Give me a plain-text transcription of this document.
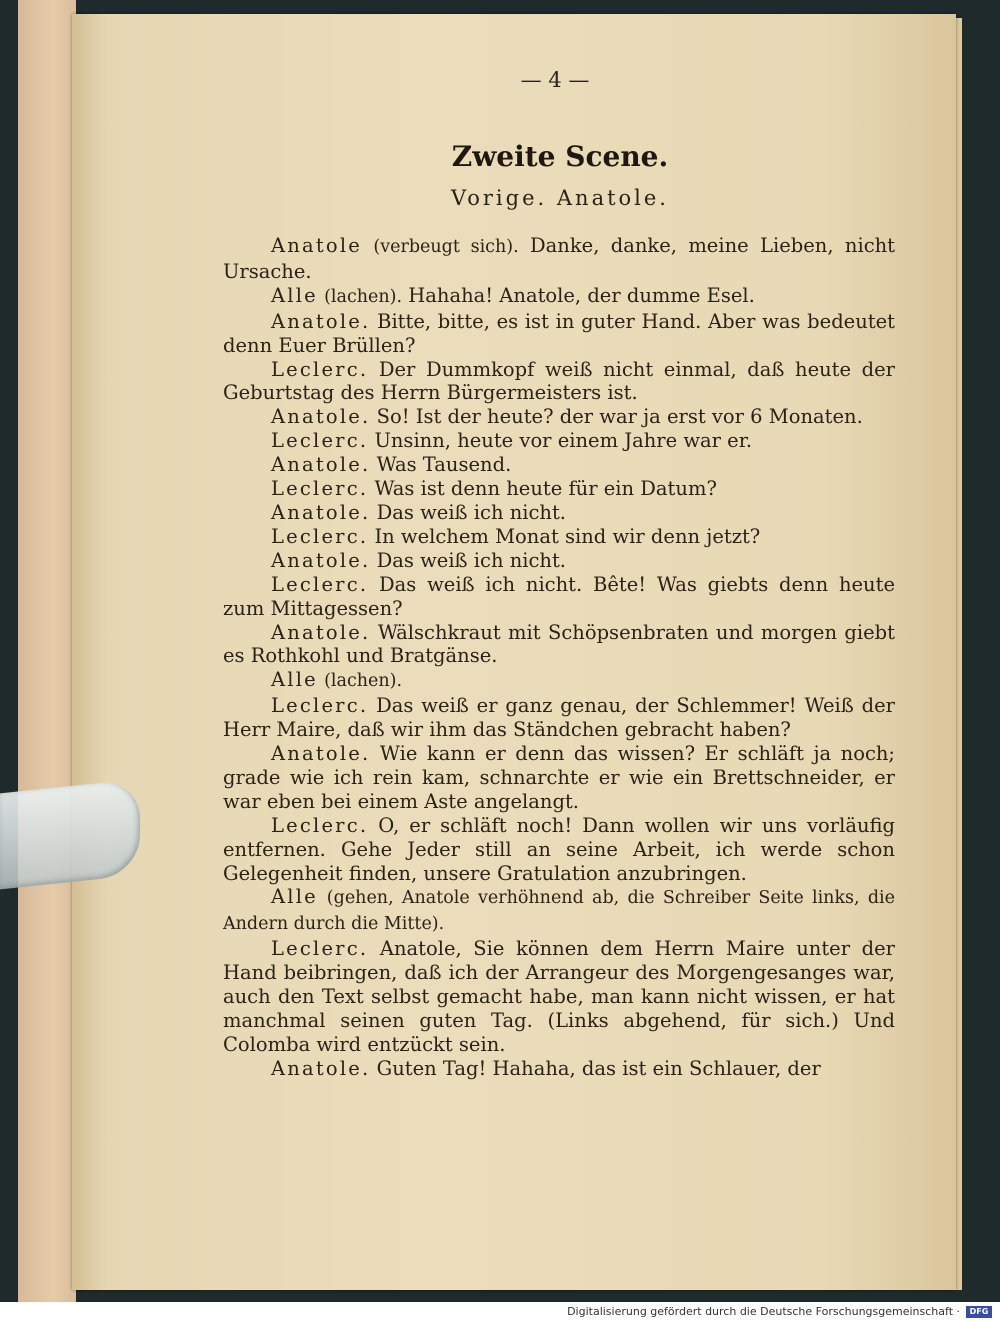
— 4 —
Zweite Scene.
Vorige. Anatole.

Anatole (verbeugt sich). Danke, danke, meine Lieben, nicht Ursache.

Alle (lachen). Hahaha! Anatole, der dumme Esel.

Anatole. Bitte, bitte, es ist in guter Hand. Aber was bedeutet denn Euer Brüllen?

Leclerc. Der Dummkopf weiß nicht einmal, daß heute der Geburtstag des Herrn Bürgermeisters ist.

Anatole. So! Ist der heute? der war ja erst vor 6 Monaten.

Leclerc. Unsinn, heute vor einem Jahre war er.

Anatole. Was Tausend.

Leclerc. Was ist denn heute für ein Datum?

Anatole. Das weiß ich nicht.

Leclerc. In welchem Monat sind wir denn jetzt?

Anatole. Das weiß ich nicht.

Leclerc. Das weiß ich nicht. Bête! Was giebts denn heute zum Mittagessen?

Anatole. Wälschkraut mit Schöpsenbraten und morgen giebt es Rothkohl und Bratgänse.

Alle (lachen).

Leclerc. Das weiß er ganz genau, der Schlemmer! Weiß der Herr Maire, daß wir ihm das Ständchen gebracht haben?

Anatole. Wie kann er denn das wissen? Er schläft ja noch; grade wie ich rein kam, schnarchte er wie ein Brettschneider, er war eben bei einem Aste angelangt.

Leclerc. O, er schläft noch! Dann wollen wir uns vorläufig entfernen. Gehe Jeder still an seine Arbeit, ich werde schon Gelegenheit finden, unsere Gratulation anzubringen.

Alle (gehen, Anatole verhöhnend ab, die Schreiber Seite links, die Andern durch die Mitte).

Leclerc. Anatole, Sie können dem Herrn Maire unter der Hand beibringen, daß ich der Arrangeur des Morgengesanges war, auch den Text selbst gemacht habe, man kann nicht wissen, er hat manchmal seinen guten Tag. (Links abgehend, für sich.) Und Colomba wird entzückt sein.

Anatole. Guten Tag! Hahaha, das ist ein Schlauer, der

Digitalisierung gefördert durch die Deutsche Forschungsgemeinschaft ·	DFG
